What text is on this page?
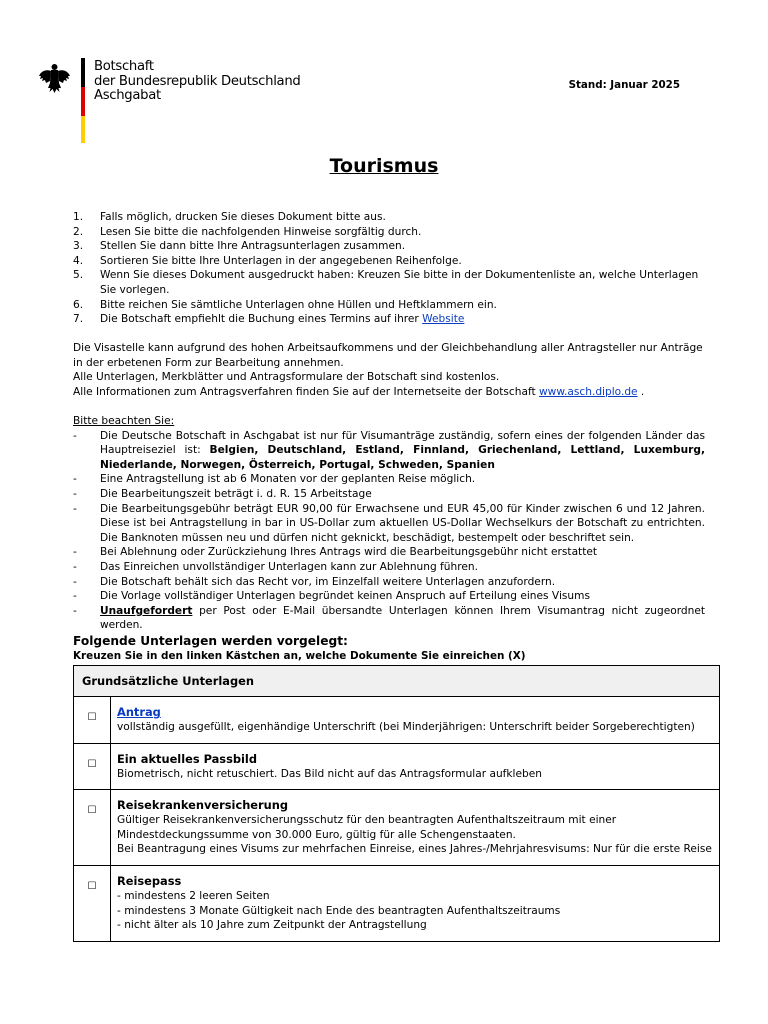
Botschaft
der Bundesrepublik Deutschland
Aschgabat
Stand: Januar 2025
Tourismus
1.	Falls möglich, drucken Sie dieses Dokument bitte aus.
2.	Lesen Sie bitte die nachfolgenden Hinweise sorgfältig durch.
3.	Stellen Sie dann bitte Ihre Antragsunterlagen zusammen.
4.	Sortieren Sie bitte Ihre Unterlagen in der angegebenen Reihenfolge.
5.	Wenn Sie dieses Dokument ausgedruckt haben: Kreuzen Sie bitte in der Dokumentenliste an, welche Unterlagen Sie vorlegen.
6.	Bitte reichen Sie sämtliche Unterlagen ohne Hüllen und Heftklammern ein.
7.	Die Botschaft empfiehlt die Buchung eines Termins auf ihrer Website

Die Visastelle kann aufgrund des hohen Arbeitsaufkommens und der Gleichbehandlung aller Antragsteller nur Anträge in der erbetenen Form zur Bearbeitung annehmen.

Alle Unterlagen, Merkblätter und Antragsformulare der Botschaft sind kostenlos.

Alle Informationen zum Antragsverfahren finden Sie auf der Internetseite der Botschaft www.asch.diplo.de .

Bitte beachten Sie:
-	Die Deutsche Botschaft in Aschgabat ist nur für Visumanträge zuständig, sofern eines der folgenden Länder das Hauptreiseziel ist: Belgien, Deutschland, Estland, Finnland, Griechenland, Lettland, Luxemburg, Niederlande, Norwegen, Österreich, Portugal, Schweden, Spanien
-	Eine Antragstellung ist ab 6 Monaten vor der geplanten Reise möglich.
-	Die Bearbeitungszeit beträgt i. d. R. 15 Arbeitstage
-	Die Bearbeitungsgebühr beträgt EUR 90,00 für Erwachsene und EUR 45,00 für Kinder zwischen 6 und 12 Jahren. Diese ist bei Antragstellung in bar in US-Dollar zum aktuellen US-Dollar Wechselkurs der Botschaft zu entrichten. Die Banknoten müssen neu und dürfen nicht geknickt, beschädigt, bestempelt oder beschriftet sein.
-	Bei Ablehnung oder Zurückziehung Ihres Antrags wird die Bearbeitungsgebühr nicht erstattet
-	Das Einreichen unvollständiger Unterlagen kann zur Ablehnung führen.
-	Die Botschaft behält sich das Recht vor, im Einzelfall weitere Unterlagen anzufordern.
-	Die Vorlage vollständiger Unterlagen begründet keinen Anspruch auf Erteilung eines Visums
-	Unaufgefordert per Post oder E-Mail übersandte Unterlagen können Ihrem Visumantrag nicht zugeordnet werden.
Folgende Unterlagen werden vorgelegt:
Kreuzen Sie in den linken Kästchen an, welche Dokumente Sie einreichen (X)
Grundsätzliche Unterlagen	
☐	Antrag
vollständig ausgefüllt, eigenhändige Unterschrift (bei Minderjährigen: Unterschrift beider Sorgeberechtigten)

☐	Ein aktuelles Passbild
Biometrisch, nicht retuschiert. Das Bild nicht auf das Antragsformular aufkleben

☐	Reisekrankenversicherung
Gültiger Reisekrankenversicherungsschutz für den beantragten Aufenthaltszeitraum mit einer Mindestdeckungssumme von 30.000 Euro, gültig für alle Schengenstaaten.
Bei Beantragung eines Visums zur mehrfachen Einreise, eines Jahres-/Mehrjahresvisums: Nur für die erste Reise

☐	Reisepass
- mindestens 2 leeren Seiten
- mindestens 3 Monate Gültigkeit nach Ende des beantragten Aufenthaltszeitraums
- nicht älter als 10 Jahre zum Zeitpunkt der Antragstellung
